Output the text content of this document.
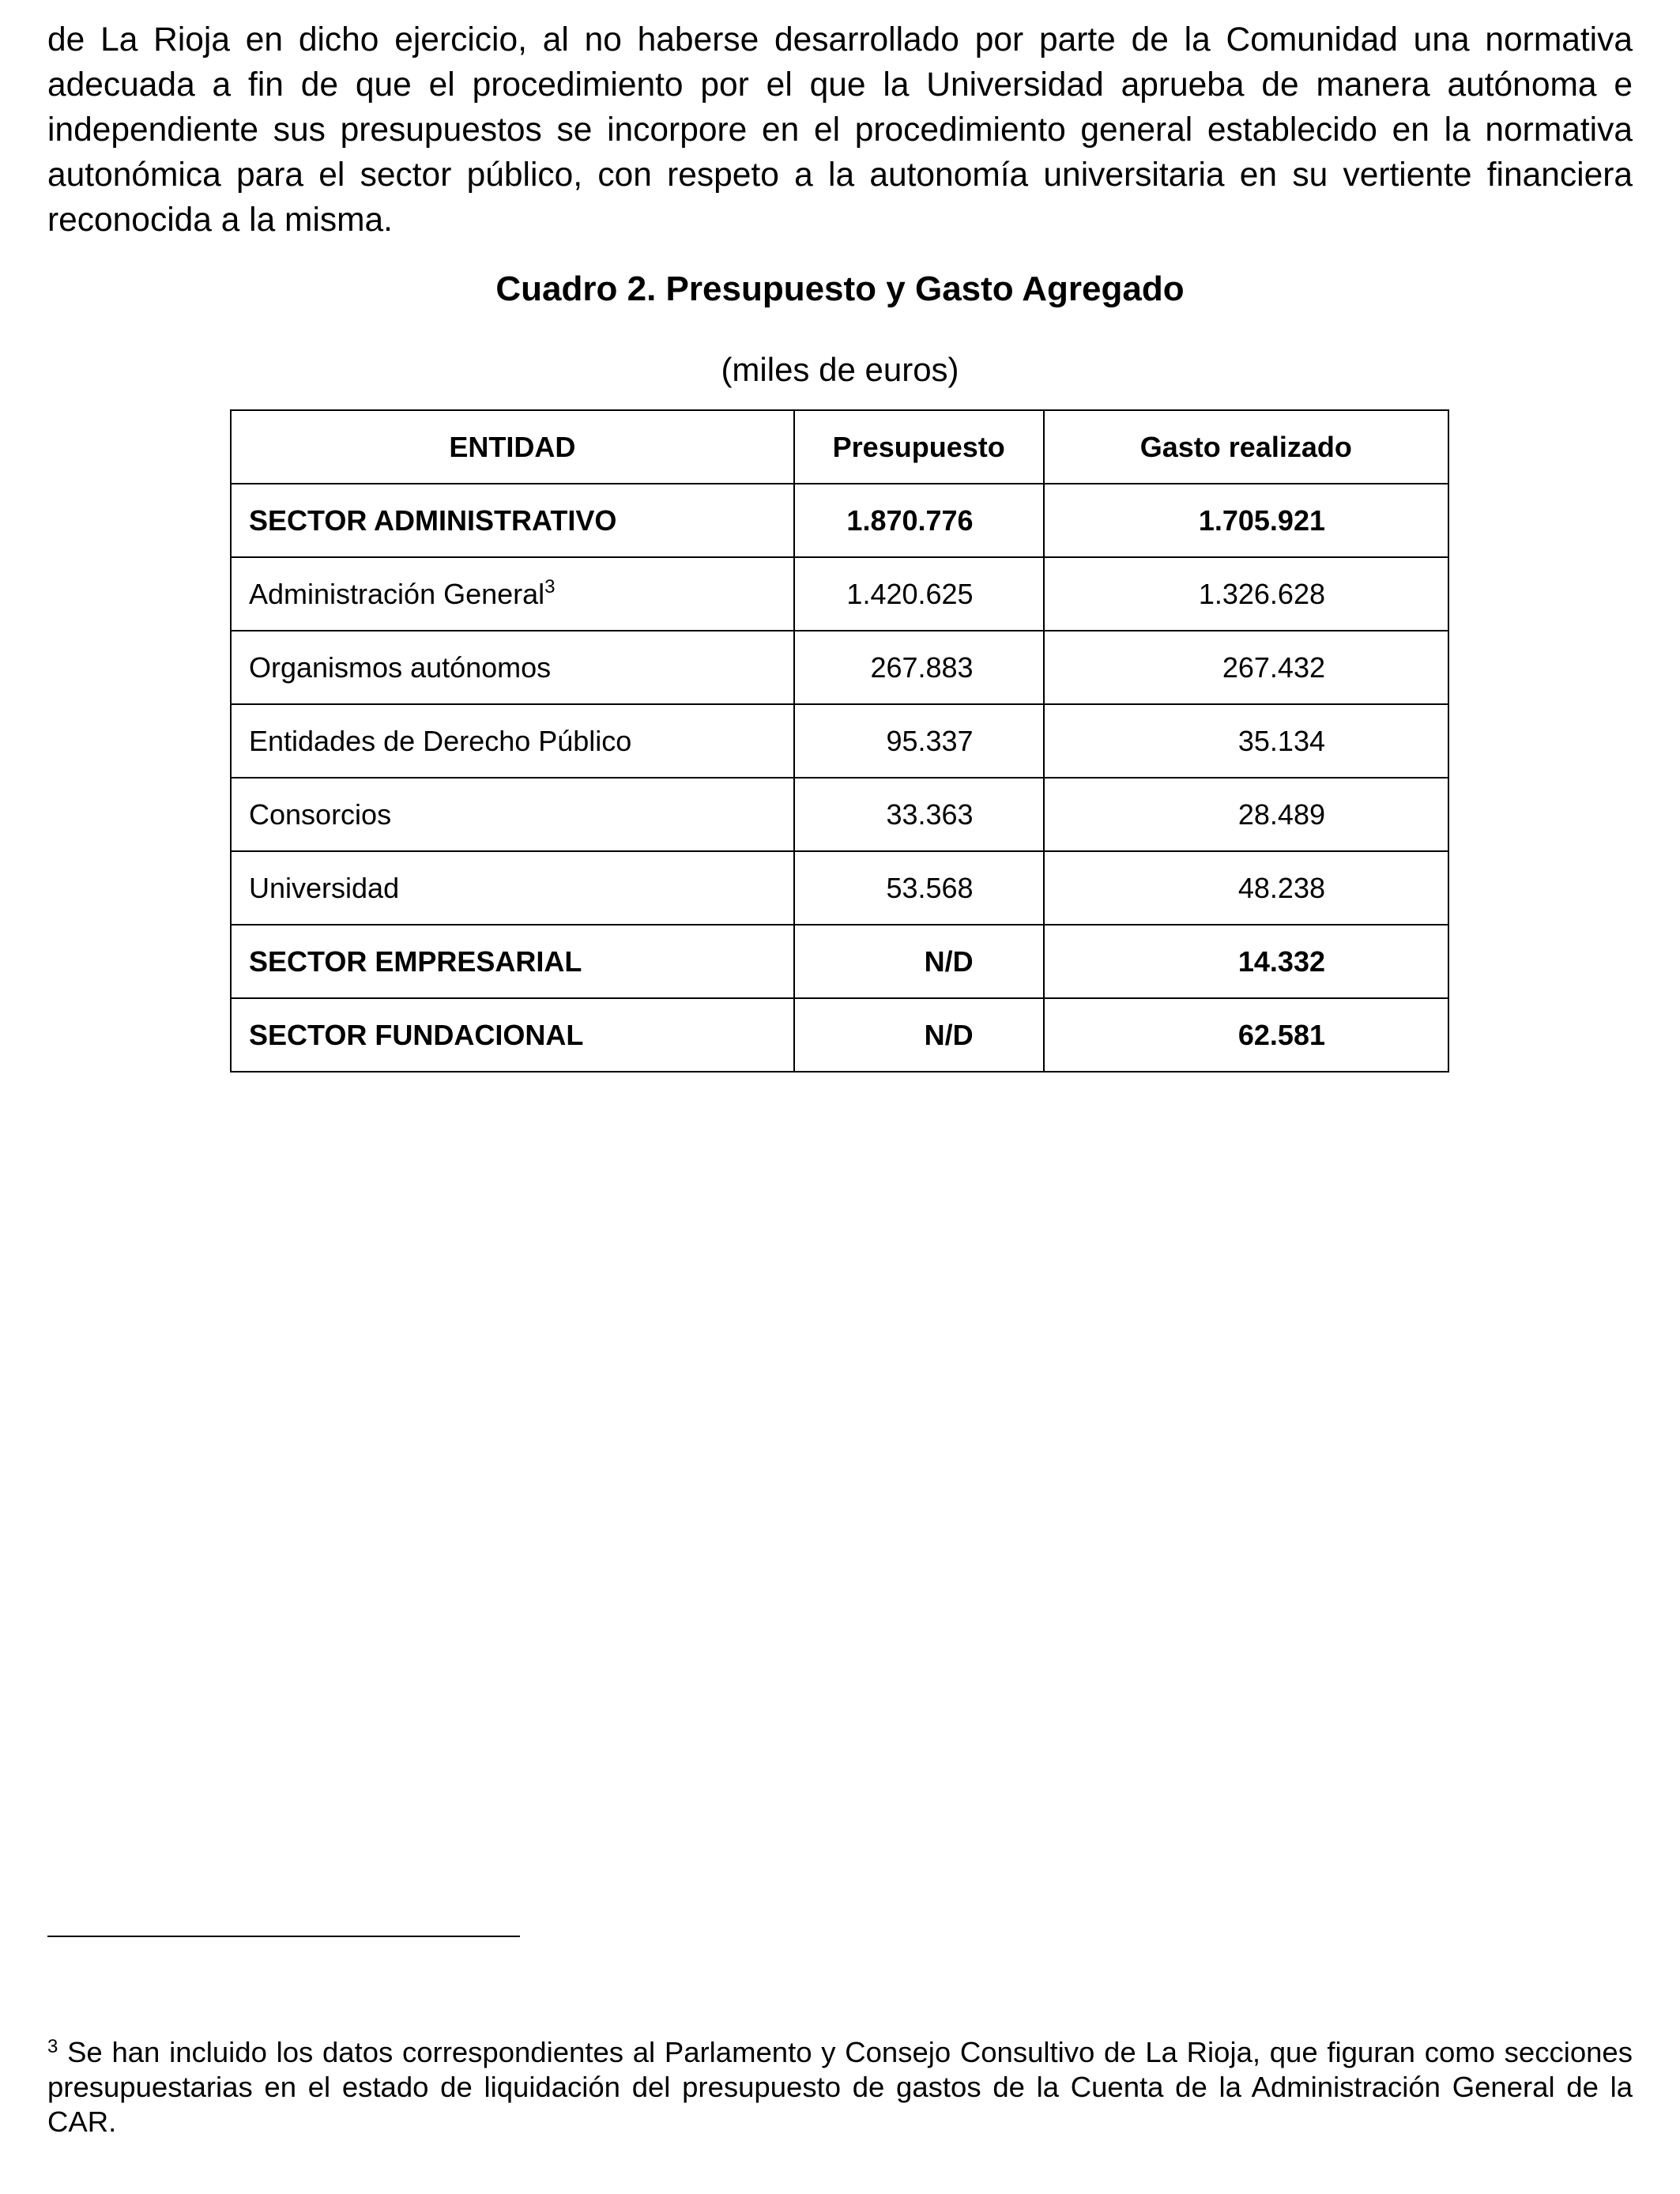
de La Rioja en dicho ejercicio, al no haberse desarrollado por parte de la Comunidad una normativa adecuada a fin de que el procedimiento por el que la Universidad aprueba de manera autónoma e independiente sus presupuestos se incorpore en el procedimiento general establecido en la normativa autonómica para el sector público, con respeto a la autonomía universitaria en su vertiente financiera reconocida a la misma.

Cuadro 2. Presupuesto y Gasto Agregado

(miles de euros)

ENTIDAD	Presupuesto	Gasto realizado
SECTOR ADMINISTRATIVO	1.870.776	1.705.921
Administración General$^3$	1.420.625	1.326.628
Organismos autónomos	267.883	267.432
Entidades de Derecho Público	95.337	35.134
Consorcios	33.363	28.489
Universidad	53.568	48.238
SECTOR EMPRESARIAL	N/D	14.332
SECTOR FUNDACIONAL	N/D	62.581

$^3$ Se han incluido los datos correspondientes al Parlamento y Consejo Consultivo de La Rioja, que figuran como secciones presupuestarias en el estado de liquidación del presupuesto de gastos de la Cuenta de la Administración General de la CAR.
